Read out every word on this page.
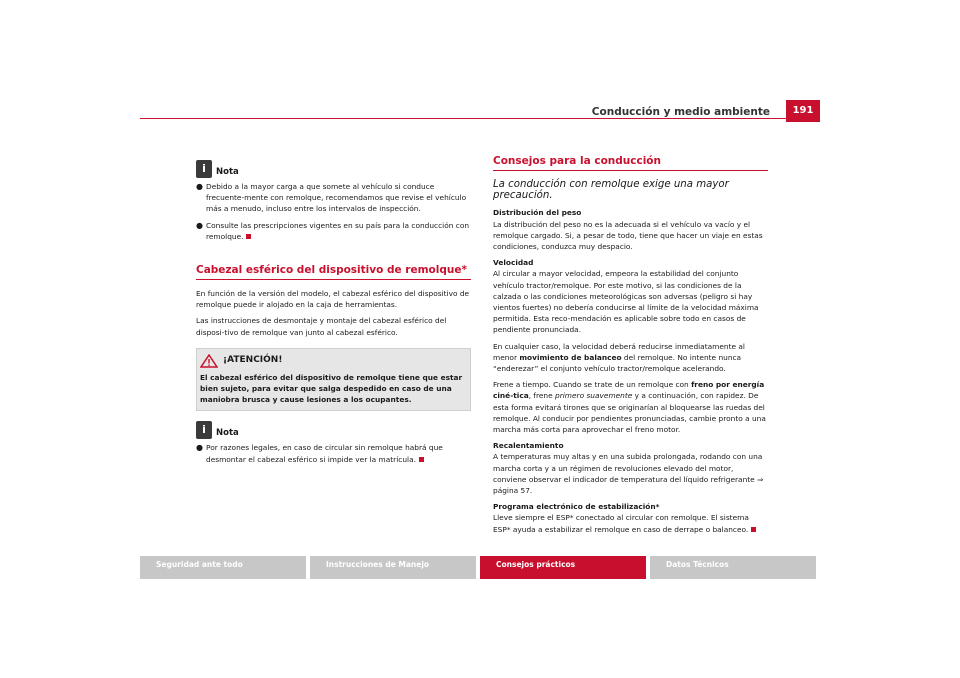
Conducción y medio ambiente	191
i	Nota
● Debido a la mayor carga a que somete al vehículo si conduce frecuente-mente con remolque, recomendamos que revise el vehículo más a menudo, incluso entre los intervalos de inspección.
● Consulte las prescripciones vigentes en su país para la conducción con remolque.
Cabezal esférico del dispositivo de remolque*

En función de la versión del modelo, el cabezal esférico del dispositivo de remolque puede ir alojado en la caja de herramientas.

Las instrucciones de desmontaje y montaje del cabezal esférico del disposi-tivo de remolque van junto al cabezal esférico.

¡ATENCIÓN!
El cabezal esférico del dispositivo de remolque tiene que estar bien sujeto, para evitar que salga despedido en caso de una maniobra brusca y cause lesiones a los ocupantes.
i	Nota
● Por razones legales, en caso de circular sin remolque habrá que desmontar el cabezal esférico si impide ver la matrícula.
Consejos para la conducción
La conducción con remolque exige una mayor precaución.
Distribución del peso

La distribución del peso no es la adecuada si el vehículo va vacío y el remolque cargado. Si, a pesar de todo, tiene que hacer un viaje en estas condiciones, conduzca muy despacio.

Velocidad

Al circular a mayor velocidad, empeora la estabilidad del conjunto vehículo tractor/remolque. Por este motivo, si las condiciones de la calzada o las condiciones meteorológicas son adversas (peligro si hay vientos fuertes) no debería conducirse al límite de la velocidad máxima permitida. Esta reco-mendación es aplicable sobre todo en casos de pendiente pronunciada.

En cualquier caso, la velocidad deberá reducirse inmediatamente al menor movimiento de balanceo del remolque. No intente nunca “enderezar” el conjunto vehículo tractor/remolque acelerando.

Frene a tiempo. Cuando se trate de un remolque con freno por energía ciné-tica, frene primero suavemente y a continuación, con rapidez. De esta forma evitará tirones que se originarían al bloquearse las ruedas del remolque. Al conducir por pendientes pronunciadas, cambie pronto a una marcha más corta para aprovechar el freno motor.

Recalentamiento

A temperaturas muy altas y en una subida prolongada, rodando con una marcha corta y a un régimen de revoluciones elevado del motor, conviene observar el indicador de temperatura del líquido refrigerante ⇒ página 57.

Programa electrónico de estabilización*

Lleve siempre el ESP* conectado al circular con remolque. El sistema ESP* ayuda a estabilizar el remolque en caso de derrape o balanceo.

Seguridad ante todo	Instrucciones de Manejo	Consejos prácticos	Datos Técnicos
